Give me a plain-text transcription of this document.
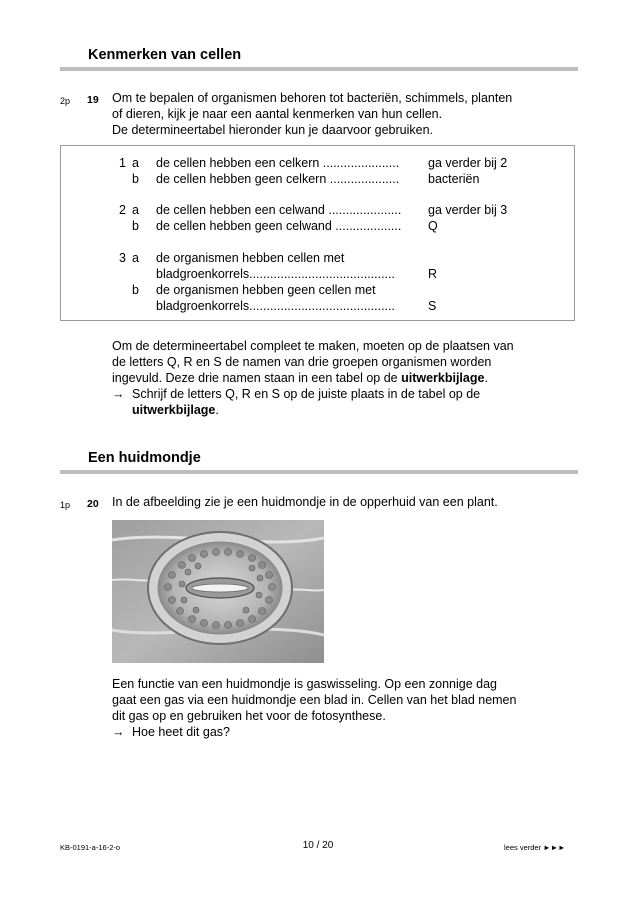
Kenmerken van cellen
2p 19 Om te bepalen of organismen behoren tot bacteriën, schimmels, planten

of dieren, kijk je naar een aantal kenmerken van hun cellen.

De determineertabel hieronder kun je daarvoor gebruiken.

1 a de cellen hebben een celkern ...................... ga verder bij 2
b de cellen hebben geen celkern .................... bacteriën
2 a de cellen hebben een celwand ..................... ga verder bij 3
b de cellen hebben geen celwand ................... Q
3 a de organismen hebben cellen met
bladgroenkorrels..........................................	R
b de organismen hebben geen cellen met
bladgroenkorrels..........................................	S

Om de determineertabel compleet te maken, moeten op de plaatsen van

de letters Q, R en S de namen van drie groepen organismen worden

ingevuld. Deze drie namen staan in een tabel op de uitwerkbijlage.

→ Schrijf de letters Q, R en S op de juiste plaats in de tabel op de

uitwerkbijlage.

Een huidmondje
1p 20 In de afbeelding zie je een huidmondje in de opperhuid van een plant.

Een functie van een huidmondje is gaswisseling. Op een zonnige dag

gaat een gas via een huidmondje een blad in. Cellen van het blad nemen

dit gas op en gebruiken het voor de fotosynthese.

→ Hoe heet dit gas?

KB-0191-a-16-2-o	10 / 20	lees verder ►►►
